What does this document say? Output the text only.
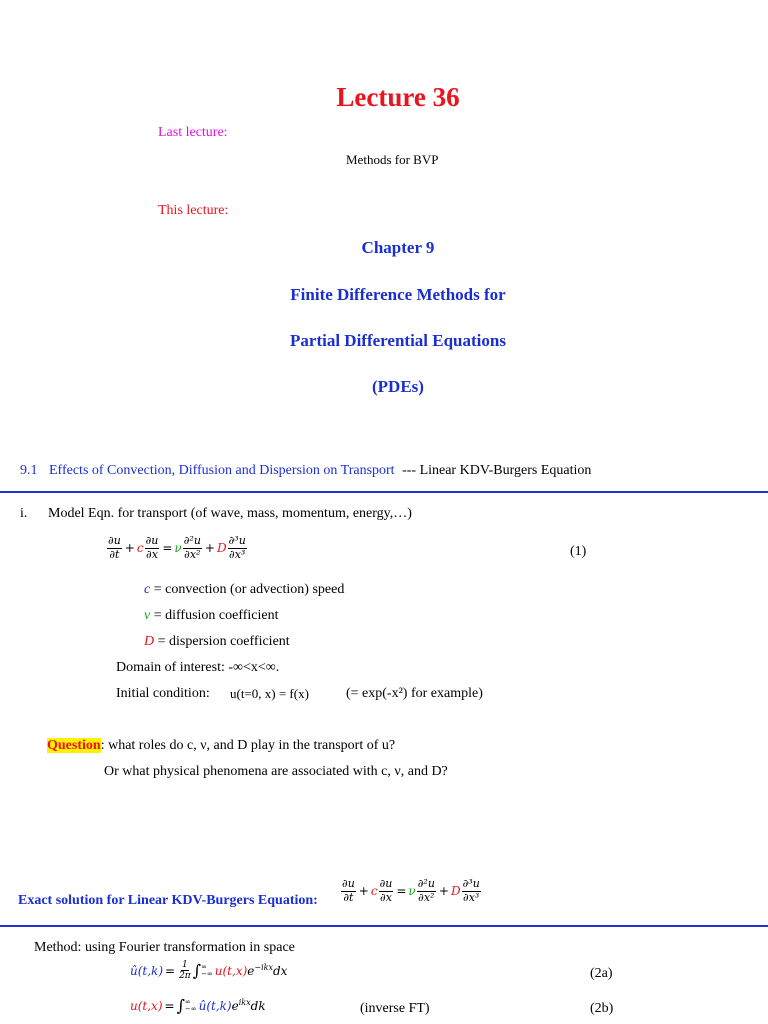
Lecture 36
Last lecture:
Methods for BVP
This lecture:
Chapter 9
Finite Difference Methods for
Partial Differential Equations
(PDEs)
9.1 Effects of Convection, Diffusion and Dispersion on Transport --- Linear KDV-Burgers Equation
i. Model Eqn. for transport (of wave, mass, momentum, energy,…)
$\frac{\partial u}{\partial t} + c \frac{\partial u}{\partial x} = \nu \frac{\text{∂²u}}{\text{∂x²}} + D \frac{\text{∂³u}}{\text{∂x³}}$	(1)
c = convection (or advection) speed
ν = diffusion coefficient
D = dispersion coefficient
Domain of interest: -∞<x<∞.
Initial condition: u(t=0, x) = f(x)	(= exp(-x²) for example)
Question: what roles do c, ν, and D play in the transport of u?
Or what physical phenomena are associated with c, ν, and D?
Exact solution for Linear KDV-Burgers Equation: $\frac{\partial u}{\partial t} + c \frac{\partial u}{\partial x} = \nu \frac{\text{∂²u}}{\text{∂x²}} + D \frac{\text{∂³u}}{\text{∂x³}}$
Method: using Fourier transformation in space
û(t,k) = $\frac{1}{2\pi}$ ∫ ∞
−∞ u(t,x) $e^{-ikx}dx$	(2a)
u(t,x) = ∫ ∞
−∞ û(t,k) $e^{ikx}dk$	(inverse FT)	(2b)
